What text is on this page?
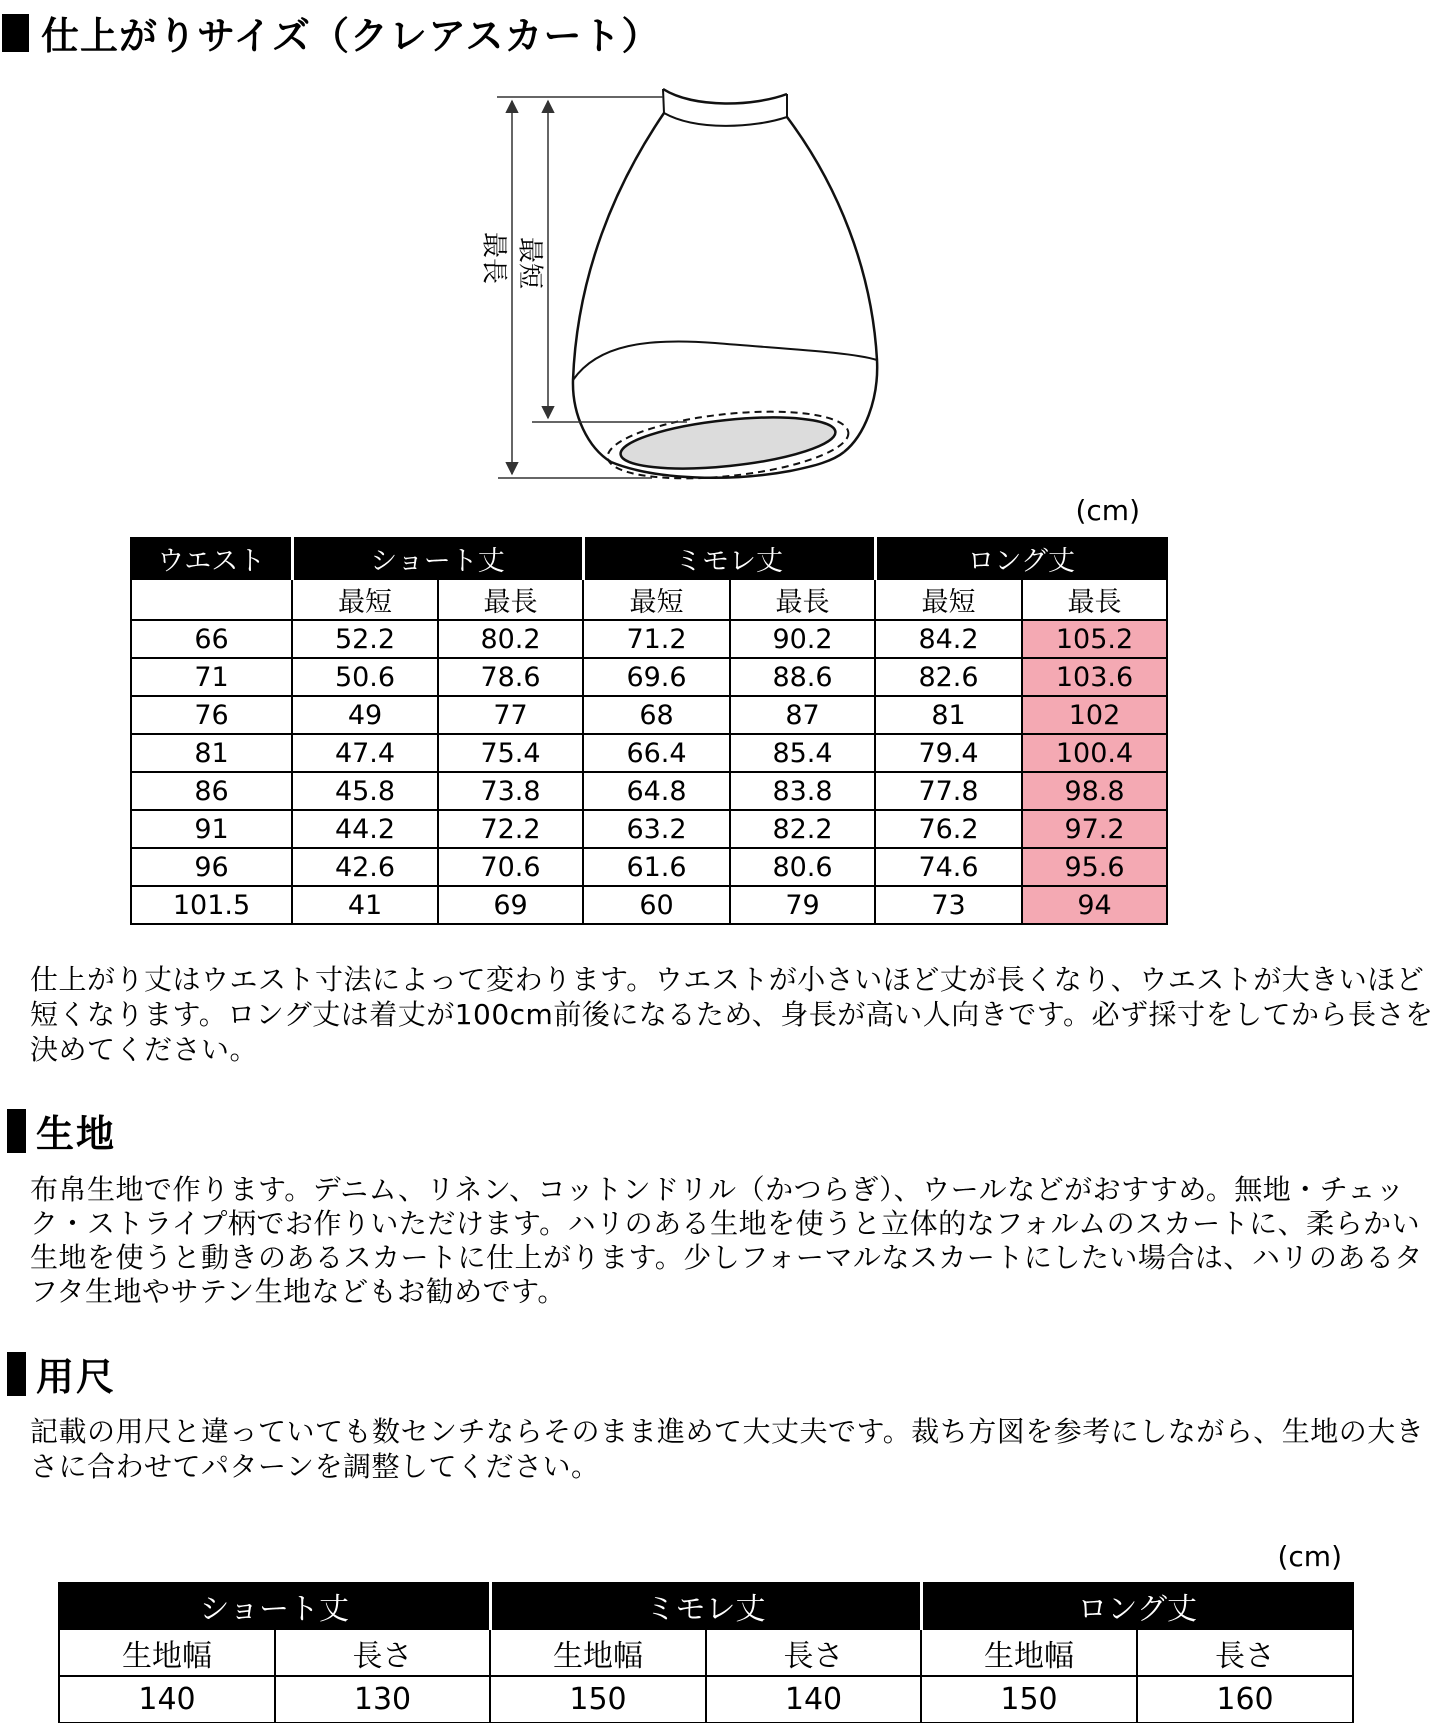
仕上がりサイズ（クレアスカート）
最長 最短
(cm)
ウエスト	ショート丈		ミモレ丈		ロング丈	
	最短	最長	最短	最長	最短	最長
66	52.2	80.2	71.2	90.2	84.2	105.2
71	50.6	78.6	69.6	88.6	82.6	103.6
76	49	77	68	87	81	102
81	47.4	75.4	66.4	85.4	79.4	100.4
86	45.8	73.8	64.8	83.8	77.8	98.8
91	44.2	72.2	63.2	82.2	76.2	97.2
96	42.6	70.6	61.6	80.6	74.6	95.6
101.5	41	69	60	79	73	94
仕上がり丈はウエスト寸法によって変わります。ウエストが小さいほど丈が長くなり、ウエストが大きいほど短くなります。ロング丈は着丈が100cm前後になるため、身長が高い人向きです。必ず採寸をしてから長さを決めてください。
生地
布帛生地で作ります。デニム、リネン、コットンドリル（かつらぎ）、ウールなどがおすすめ。無地・チェック・ストライプ柄でお作りいただけます。ハリのある生地を使うと立体的なフォルムのスカートに、柔らかい生地を使うと動きのあるスカートに仕上がります。少しフォーマルなスカートにしたい場合は、ハリのあるタフタ生地やサテン生地などもお勧めです。
用尺
記載の用尺と違っていても数センチならそのまま進めて大丈夫です。裁ち方図を参考にしながら、生地の大きさに合わせてパターンを調整してください。
(cm)
ショート丈		ミモレ丈		ロング丈	
生地幅	長さ	生地幅	長さ	生地幅	長さ
140	130	150	140	150	160
